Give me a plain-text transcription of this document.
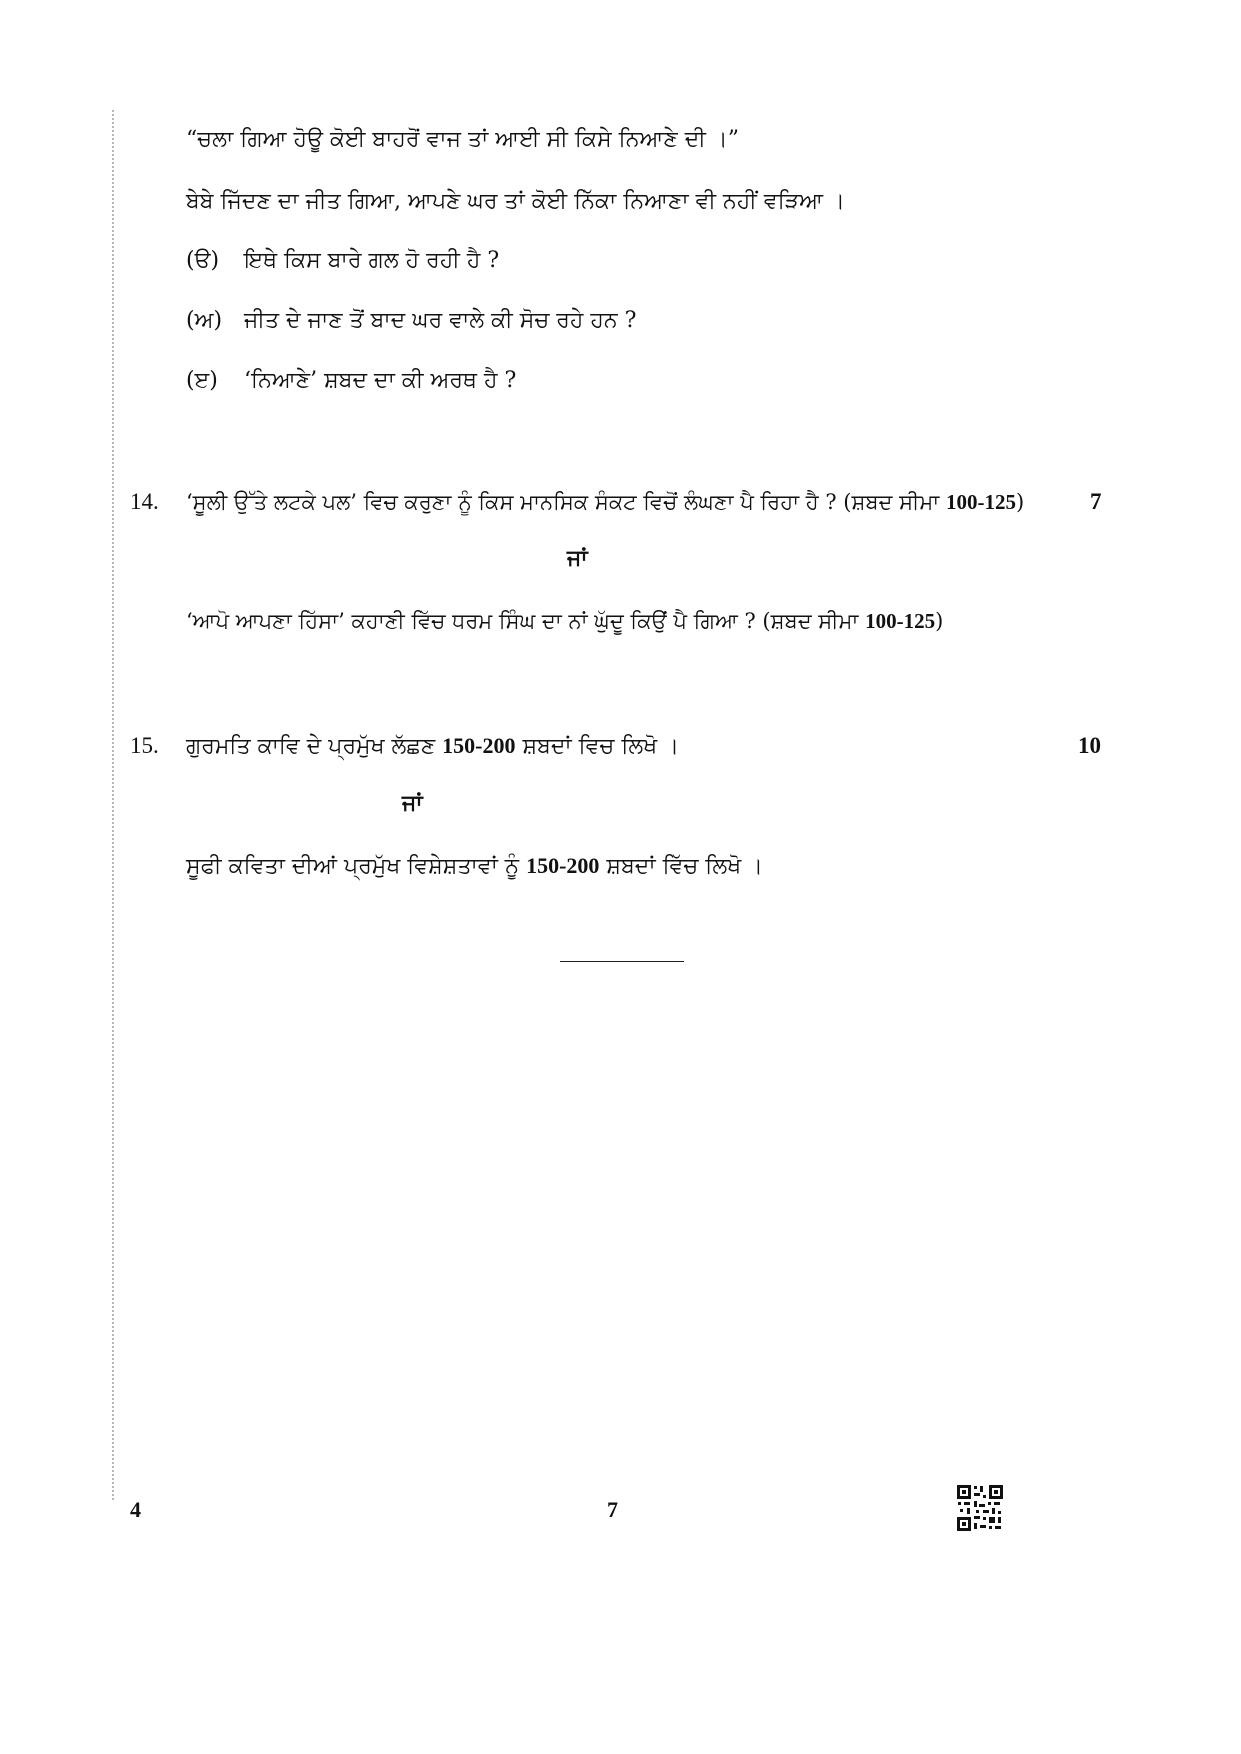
“ਚਲਾ ਗਿਆ ਹੋਊ ਕੋਈ ਬਾਹਰੋਂ ਵਾਜ ਤਾਂ ਆਈ ਸੀ ਕਿਸੇ ਨਿਆਣੇ ਦੀ ।”
ਬੇਬੇ ਜਿੱਦਣ ਦਾ ਜੀਤ ਗਿਆ, ਆਪਣੇ ਘਰ ਤਾਂ ਕੋਈ ਨਿੱਕਾ ਨਿਆਣਾ ਵੀ ਨਹੀਂ ਵੜਿਆ ।
(ੳ) ਇਥੇ ਕਿਸ ਬਾਰੇ ਗਲ ਹੋ ਰਹੀ ਹੈ ?
(ਅ) ਜੀਤ ਦੇ ਜਾਣ ਤੋਂ ਬਾਦ ਘਰ ਵਾਲੇ ਕੀ ਸੋਚ ਰਹੇ ਹਨ ?
(ੲ) ‘ਨਿਆਣੇ’ ਸ਼ਬਦ ਦਾ ਕੀ ਅਰਥ ਹੈ ?
14. ‘ਸੂਲੀ ਉੱਤੇ ਲਟਕੇ ਪਲ’ ਵਿਚ ਕਰੁਣਾ ਨੂੰ ਕਿਸ ਮਾਨਸਿਕ ਸੰਕਟ ਵਿਚੋਂ ਲੰਘਣਾ ਪੈ ਰਿਹਾ ਹੈ ? (ਸ਼ਬਦ ਸੀਮਾ 100-125)	7
ਜਾਂ
‘ਆਪੋ ਆਪਣਾ ਹਿੱਸਾ’ ਕਹਾਣੀ ਵਿੱਚ ਧਰਮ ਸਿੰਘ ਦਾ ਨਾਂ ਘੁੱਦੂ ਕਿਉਂ ਪੈ ਗਿਆ ? (ਸ਼ਬਦ ਸੀਮਾ 100-125)
15. ਗੁਰਮਤਿ ਕਾਵਿ ਦੇ ਪ੍ਰਮੁੱਖ ਲੱਛਣ 150-200 ਸ਼ਬਦਾਂ ਵਿਚ ਲਿਖੋ ।	10
ਜਾਂ
ਸੂਫੀ ਕਵਿਤਾ ਦੀਆਂ ਪ੍ਰਮੁੱਖ ਵਿਸ਼ੇਸ਼ਤਾਵਾਂ ਨੂੰ 150-200 ਸ਼ਬਦਾਂ ਵਿੱਚ ਲਿਖੋ ।
4	7
